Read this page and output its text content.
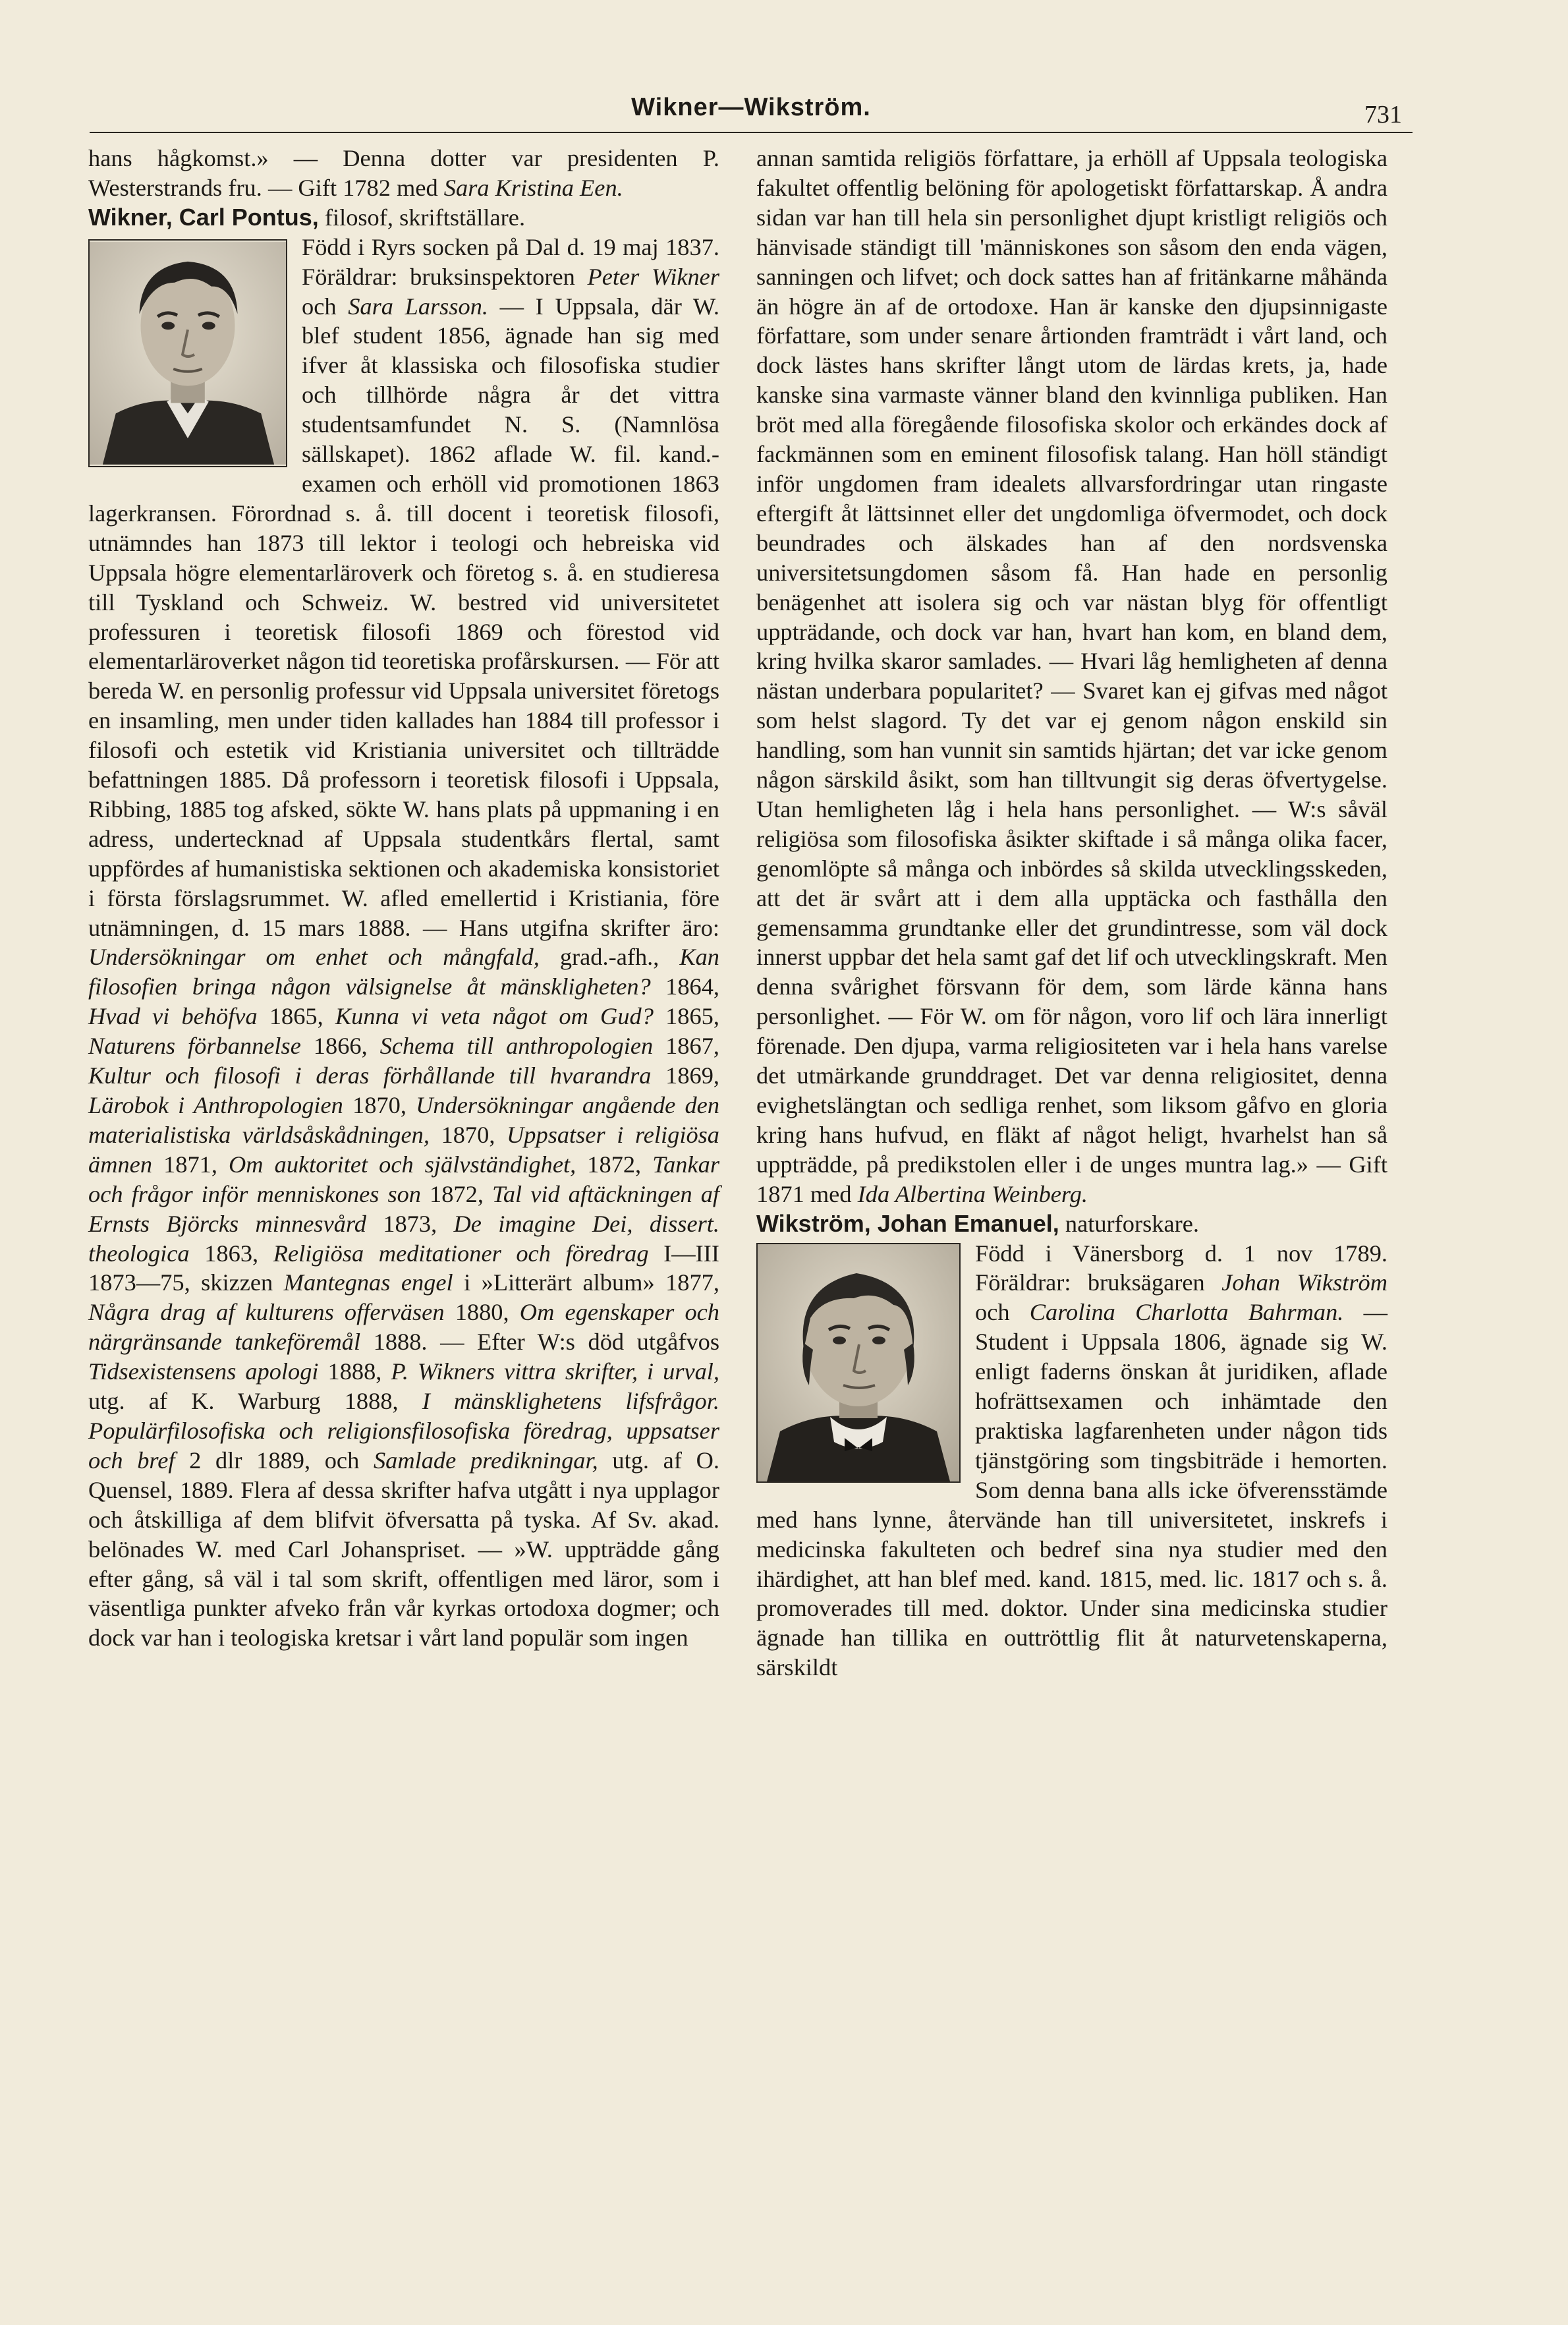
Wikner—Wikström.	731

hans hågkomst.» — Denna dotter var presidenten P. Westerstrands fru. — Gift 1782 med Sara Kristina Een.

Wikner, Carl Pontus, filosof, skriftställare.

Född i Ryrs socken på Dal d. 19 maj 1837. Föräldrar: bruksinspektoren Peter Wikner och Sara Larsson. — I Uppsala, där W. blef student 1856, ägnade han sig med ifver åt klassiska och filosofiska studier och tillhörde några år det vittra studentsamfundet N. S. (Namnlösa sällskapet). 1862 aflade W. fil. kand.-examen och erhöll vid promotionen 1863 lagerkransen. Förordnad s. å. till docent i teoretisk filosofi, utnämndes han 1873 till lektor i teologi och hebreiska vid Uppsala högre elementarläroverk och företog s. å. en studieresa till Tyskland och Schweiz. W. bestred vid universitetet professuren i teoretisk filosofi 1869 och förestod vid elementarläroverket någon tid teoretiska profårskursen. — För att bereda W. en personlig professur vid Uppsala universitet företogs en insamling, men under tiden kallades han 1884 till professor i filosofi och estetik vid Kristiania universitet och tillträdde befattningen 1885. Då professorn i teoretisk filosofi i Uppsala, Ribbing, 1885 tog afsked, sökte W. hans plats på uppmaning i en adress, undertecknad af Uppsala studentkårs flertal, samt uppfördes af humanistiska sektionen och akademiska konsistoriet i första förslagsrummet. W. afled emellertid i Kristiania, före utnämningen, d. 15 mars 1888. — Hans utgifna skrifter äro: Undersökningar om enhet och mångfald, grad.-afh., Kan filosofien bringa någon välsignelse åt mänskligheten? 1864, Hvad vi behöfva 1865, Kunna vi veta något om Gud? 1865, Naturens förbannelse 1866, Schema till anthropologien 1867, Kultur och filosofi i deras förhållande till hvarandra 1869, Lärobok i Anthropologien 1870, Undersökningar angående den materialistiska världsåskådningen, 1870, Uppsatser i religiösa ämnen 1871, Om auktoritet och självständighet, 1872, Tankar och frågor inför menniskones son 1872, Tal vid aftäckningen af Ernsts Björcks minnesvård 1873, De imagine Dei, dissert. theologica 1863, Religiösa meditationer och föredrag I—III 1873—75, skizzen Mantegnas engel i »Litterärt album» 1877, Några drag af kulturens offerväsen 1880, Om egenskaper och närgränsande tankeföremål 1888. — Efter W:s död utgåfvos Tidsexistensens apologi 1888, P. Wikners vittra skrifter, i urval, utg. af K. Warburg 1888, I mänsklighetens lifsfrågor. Populärfilosofiska och religionsfilosofiska föredrag, uppsatser och bref 2 dlr 1889, och Samlade predikningar, utg. af O. Quensel, 1889. Flera af dessa skrifter hafva utgått i nya upplagor och åtskilliga af dem blifvit öfversatta på tyska. Af Sv. akad. belönades W. med Carl Johanspriset. — »W. uppträdde gång efter gång, så väl i tal som skrift, offentligen med läror, som i väsentliga punkter afveko från vår kyrkas ortodoxa dogmer; och dock var han i teologiska kretsar i vårt land populär som ingen

annan samtida religiös författare, ja erhöll af Uppsala teologiska fakultet offentlig belöning för apologetiskt författarskap. Å andra sidan var han till hela sin personlighet djupt kristligt religiös och hänvisade ständigt till 'människones son såsom den enda vägen, sanningen och lifvet; och dock sattes han af fritänkarne måhända än högre än af de ortodoxe. Han är kanske den djupsinnigaste författare, som under senare årtionden framträdt i vårt land, och dock lästes hans skrifter långt utom de lärdas krets, ja, hade kanske sina varmaste vänner bland den kvinnliga publiken. Han bröt med alla föregående filosofiska skolor och erkändes dock af fackmännen som en eminent filosofisk talang. Han höll ständigt inför ungdomen fram idealets allvarsfordringar utan ringaste eftergift åt lättsinnet eller det ungdomliga öfvermodet, och dock beundrades och älskades han af den nordsvenska universitetsungdomen såsom få. Han hade en personlig benägenhet att isolera sig och var nästan blyg för offentligt uppträdande, och dock var han, hvart han kom, en bland dem, kring hvilka skaror samlades. — Hvari låg hemligheten af denna nästan underbara popularitet? — Svaret kan ej gifvas med något som helst slagord. Ty det var ej genom någon enskild sin handling, som han vunnit sin samtids hjärtan; det var icke genom någon särskild åsikt, som han tilltvungit sig deras öfvertygelse. Utan hemligheten låg i hela hans personlighet. — W:s såväl religiösa som filosofiska åsikter skiftade i så många olika facer, genomlöpte så många och inbördes så skilda utvecklingsskeden, att det är svårt att i dem alla upptäcka och fasthålla den gemensamma grundtanke eller det grundintresse, som väl dock innerst uppbar det hela samt gaf det lif och utvecklingskraft. Men denna svårighet försvann för dem, som lärde känna hans personlighet. — För W. om för någon, voro lif och lära innerligt förenade. Den djupa, varma religiositeten var i hela hans varelse det utmärkande grunddraget. Det var denna religiositet, denna evighetslängtan och sedliga renhet, som liksom gåfvo en gloria kring hans hufvud, en fläkt af något heligt, hvarhelst han så uppträdde, på predikstolen eller i de unges muntra lag.» — Gift 1871 med Ida Albertina Weinberg.

Wikström, Johan Emanuel, naturforskare.

Född i Vänersborg d. 1 nov 1789. Föräldrar: bruksägaren Johan Wikström och Carolina Charlotta Bahrman. — Student i Uppsala 1806, ägnade sig W. enligt faderns önskan åt juridiken, aflade hofrättsexamen och inhämtade den praktiska lagfarenheten under någon tids tjänstgöring som tingsbiträde i hemorten. Som denna bana alls icke öfverensstämde med hans lynne, återvände han till universitetet, inskrefs i medicinska fakulteten och bedref sina nya studier med den ihärdighet, att han blef med. kand. 1815, med. lic. 1817 och s. å. promoverades till med. doktor. Under sina medicinska studier ägnade han tillika en outtröttlig flit åt naturvetenskaperna, särskildt
